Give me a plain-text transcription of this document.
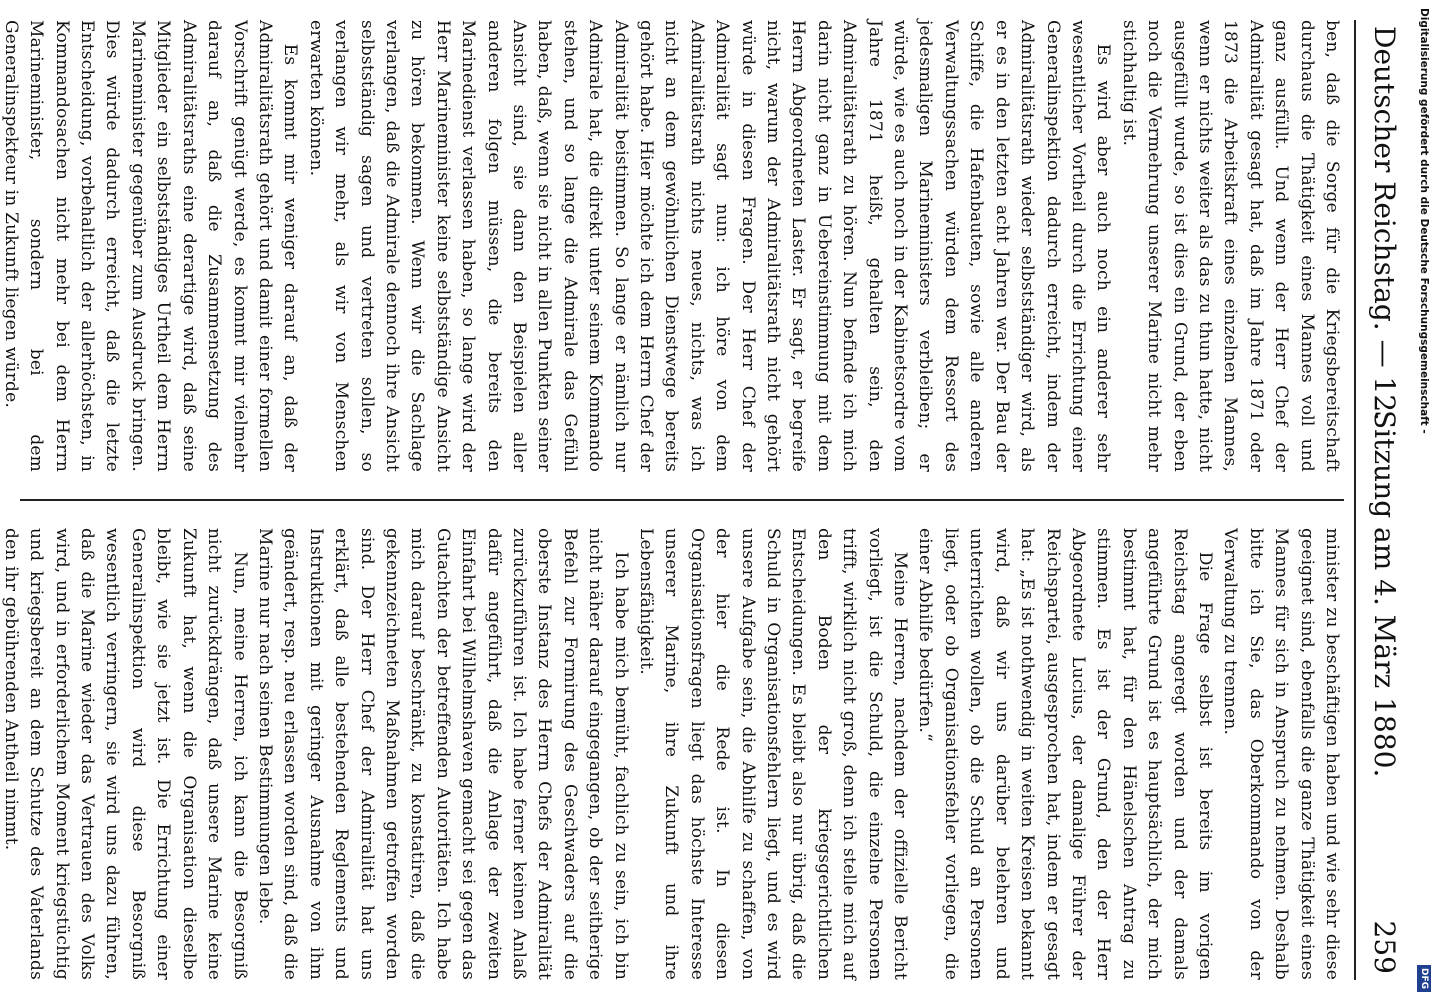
Deutscher Reichstag. — 12.
Sitzung am 4. März 1880.
259

ben, daß die Sorge für die Kriegsbereitschaft durchaus die Thätigkeit eines Mannes voll und ganz ausfüllt. Und wenn der Herr Chef der Admiralität gesagt hat, daß im Jahre 1871 oder 1873 die Arbeitskraft eines einzelnen Mannes, wenn er nichts weiter als das zu thun hatte, nicht ausgefüllt wurde, so ist dies ein Grund, der eben noch die Vermehrung unserer Marine nicht mehr stichhaltig ist.

Es wird aber auch noch ein anderer sehr wesentlicher Vortheil durch die Errichtung einer Generalinspektion dadurch erreicht, indem der Admiralitätsrath wieder selbstständiger wird, als er es in den letzten acht Jahren war. Der Bau der Schiffe, die Hafenbauten, sowie alle anderen Verwaltungssachen würden dem Ressort des jedesmaligen Marineministers verbleiben; er würde, wie es auch noch in der Kabinetsordre vom Jahre 1871 heißt, gehalten sein, den Admiralitätsrath zu hören. Nun befinde ich mich darin nicht ganz in Uebereinstimmung mit dem Herrn Abgeordneten Laster. Er sagt, er begreife nicht, warum der Admiralitätsrath nicht gehört würde in diesen Fragen. Der Herr Chef der Admiralität sagt nun: ich höre von dem Admiralitätsrath nichts neues, nichts, was ich nicht an dem gewöhnlichen Dienstwege bereits gehört habe. Hier möchte ich dem Herrn Chef der Admiralität beistimmen. So lange er nämlich nur Admirale hat, die direkt unter seinem Kommando stehen, und so lange die Admirale das Gefühl haben, daß, wenn sie nicht in allen Punkten seiner Ansicht sind, sie dann den Beispielen aller anderen folgen müssen, die bereits den Marinedienst verlassen haben, so lange wird der Herr Marineminister keine selbstständige Ansicht zu hören bekommen. Wenn wir die Sachlage verlangen, daß die Admirale dennoch ihre Ansicht selbstständig sagen und vertreten sollen, so verlangen wir mehr, als wir von Menschen erwarten können.

Es kommt mir weniger darauf an, daß der Admiralitätsrath gehört und damit einer formellen Vorschrift genügt werde, es kommt mir vielmehr darauf an, daß die Zusammensetzung des Admiralitätsraths eine derartige wird, daß seine Mitglieder ein selbstständiges Urtheil dem Herrn Marineminister gegenüber zum Ausdruck bringen. Dies würde dadurch erreicht, daß die letzte Entscheidung, vorbehaltlich der allerhöchsten, in Kommandosachen nicht mehr bei dem Herrn Marineminister, sondern bei dem Generalinspekteur in Zukunft liegen würde.

minister zu beschäftigen haben und wie sehr diese geeignet sind, ebenfalls die ganze Thätigkeit eines Mannes für sich in Anspruch zu nehmen. Deshalb bitte ich Sie, das Oberkommando von der Verwaltung zu trennen.

Die Frage selbst ist bereits im vorigen Reichstag angeregt worden und der damals angeführte Grund ist es hauptsächlich, der mich bestimmt hat, für den Hänelschen Antrag zu stimmen. Es ist der Grund, den der Herr Abgeordnete Lucius, der damalige Führer der Reichspartei, ausgesprochen hat, indem er gesagt hat: „Es ist nothwendig in weiten Kreisen bekannt wird, daß wir uns darüber belehren und unterrichten wollen, ob die Schuld an Personen liegt, oder ob Organisationsfehler vorliegen, die einer Abhilfe bedürfen.“

Meine Herren, nachdem der offizielle Bericht vorliegt, ist die Schuld, die einzelne Personen trifft, wirklich nicht groß, denn ich stelle mich auf den Boden der kriegsgerichtlichen Entscheidungen. Es bleibt also nur übrig, daß die Schuld in Organisationsfehlern liegt, und es wird unsere Aufgabe sein, die Abhilfe zu schaffen, von der hier die Rede ist. In diesen Organisationsfragen liegt das höchste Interesse unserer Marine, ihre Zukunft und ihre Lebensfähigkeit.

Ich habe mich bemüht, fachlich zu sein, ich bin nicht näher darauf eingegangen, ob der seitherige Befehl zur Formirung des Geschwaders auf die oberste Instanz des Herrn Chefs der Admiralität zurückzuführen ist. Ich habe ferner keinen Anlaß dafür angeführt, daß die Anlage der zweiten Einfahrt bei Wilhelmshaven gemacht sei gegen das Gutachten der betreffenden Autoritäten. Ich habe mich darauf beschränkt, zu konstatiren, daß die gekennzeichneten Maßnahmen getroffen worden sind. Der Herr Chef der Admiralität hat uns erklärt, daß alle bestehenden Reglements und Instruktionen mit geringer Ausnahme von ihm geändert, resp. neu erlassen worden sind, daß die Marine nur nach seinen Bestimmungen lebe.

Nun, meine Herren, ich kann die Besorgniß nicht zurückdrängen, daß unsere Marine keine Zukunft hat, wenn die Organisation dieselbe bleibt, wie sie jetzt ist. Die Errichtung einer Generalinspektion wird diese Besorgniß wesentlich verringern, sie wird uns dazu führen, daß die Marine wieder das Vertrauen des Volks wird, und in erforderlichem Moment kriegstüchtig und kriegsbereit an dem Schutze des Vaterlands den ihr gebührenden Antheil nimmt.

Digitalisierung gefördert durch die Deutsche Forschungsgemeinschaft -
DFG
